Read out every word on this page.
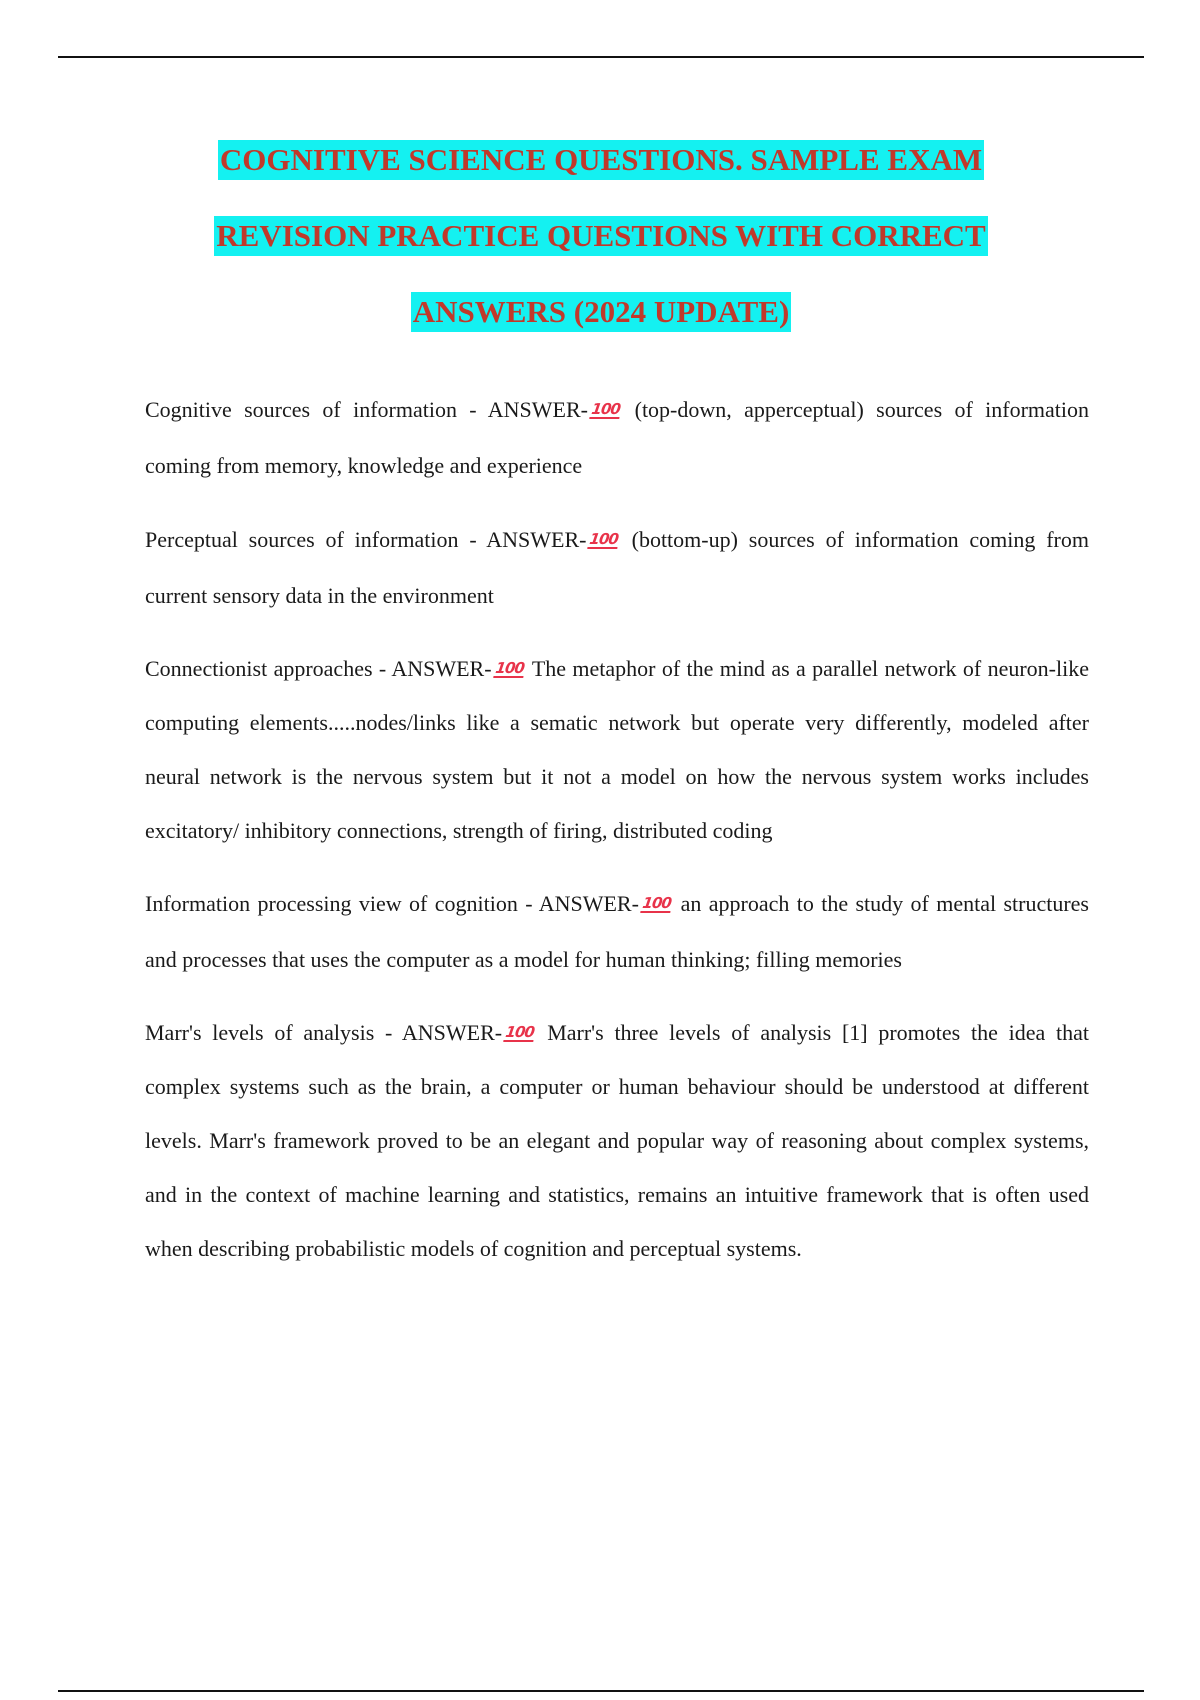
COGNITIVE SCIENCE QUESTIONS. SAMPLE EXAM
REVISION PRACTICE QUESTIONS WITH CORRECT
ANSWERS (2024 UPDATE)

Cognitive sources of information - ANSWER- 100 (top-down, apperceptual) sources of information coming from memory, knowledge and experience

Perceptual sources of information - ANSWER- 100 (bottom-up) sources of information coming from current sensory data in the environment

Connectionist approaches - ANSWER- 100 The metaphor of the mind as a parallel network of neuron-like computing elements.....nodes/links like a sematic network but operate very differently, modeled after neural network is the nervous system but it not a model on how the nervous system works includes excitatory/ inhibitory connections, strength of firing, distributed coding

Information processing view of cognition - ANSWER- 100 an approach to the study of mental structures and processes that uses the computer as a model for human thinking; filling memories

Marr's levels of analysis - ANSWER- 100 Marr's three levels of analysis [1] promotes the idea that complex systems such as the brain, a computer or human behaviour should be understood at different levels. Marr's framework proved to be an elegant and popular way of reasoning about complex systems, and in the context of machine learning and statistics, remains an intuitive framework that is often used when describing probabilistic models of cognition and perceptual systems.
